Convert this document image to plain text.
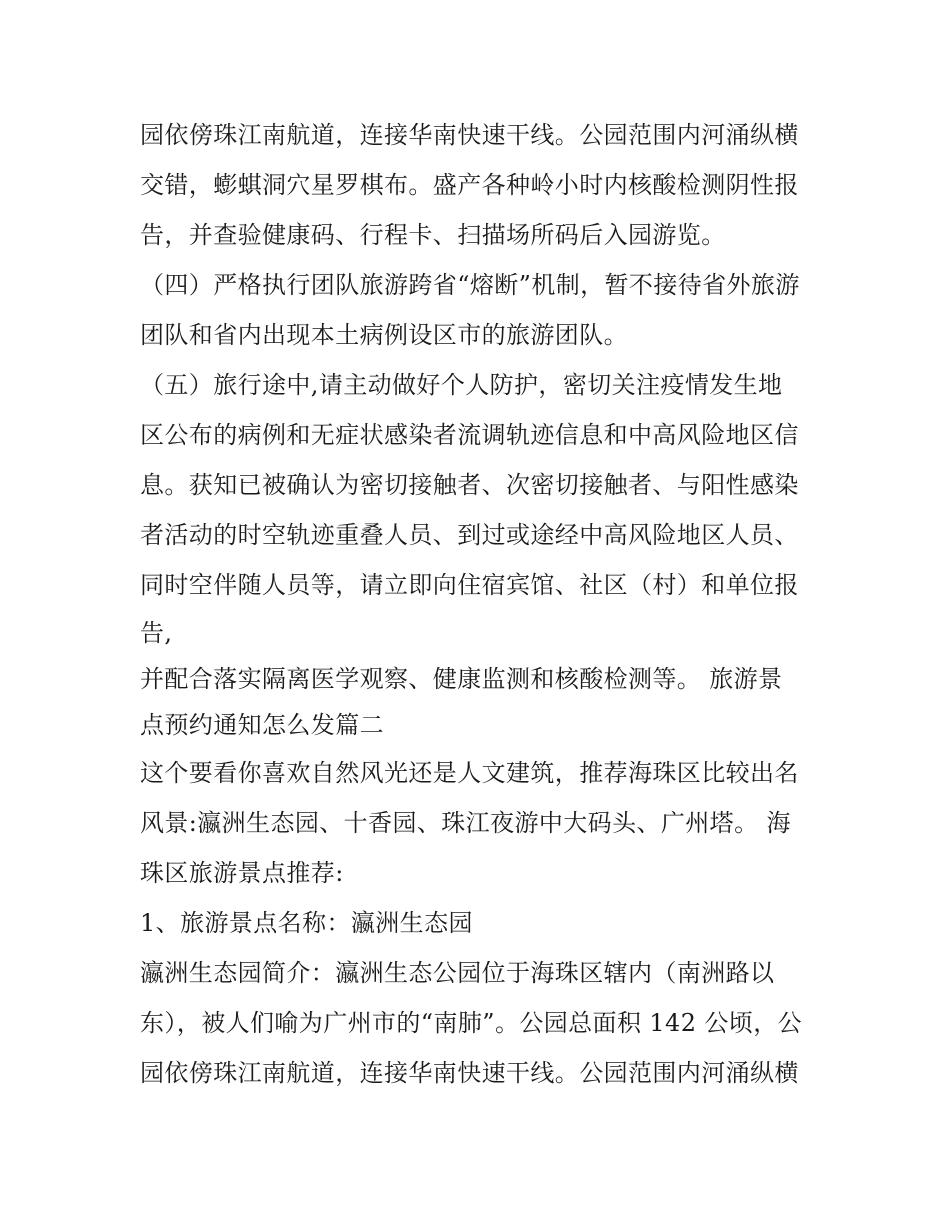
园依傍珠江南航道，连接华南快速干线。公园范围内河涌纵横
交错，蟛蜞洞穴星罗棋布。盛产各种岭小时内核酸检测阴性报
告，并查验健康码、行程卡、扫描场所码后入园游览。
（四）严格执行团队旅游跨省“熔断”机制，暂不接待省外旅游
团队和省内出现本土病例设区市的旅游团队。
（五）旅行途中,请主动做好个人防护，密切关注疫情发生地
区公布的病例和无症状感染者流调轨迹信息和中高风险地区信
息。获知已被确认为密切接触者、次密切接触者、与阳性感染
者活动的时空轨迹重叠人员、到过或途经中高风险地区人员、
同时空伴随人员等，请立即向住宿宾馆、社区（村）和单位报
告,
并配合落实隔离医学观察、健康监测和核酸检测等。 旅游景
点预约通知怎么发篇二
这个要看你喜欢自然风光还是人文建筑，推荐海珠区比较出名
风景:瀛洲生态园、十香园、珠江夜游中大码头、广州塔。 海
珠区旅游景点推荐:
1、旅游景点名称：瀛洲生态园
瀛洲生态园简介：瀛洲生态公园位于海珠区辖内（南洲路以
东），被人们喻为广州市的“南肺”。公园总面积 142 公顷，公
园依傍珠江南航道，连接华南快速干线。公园范围内河涌纵横
